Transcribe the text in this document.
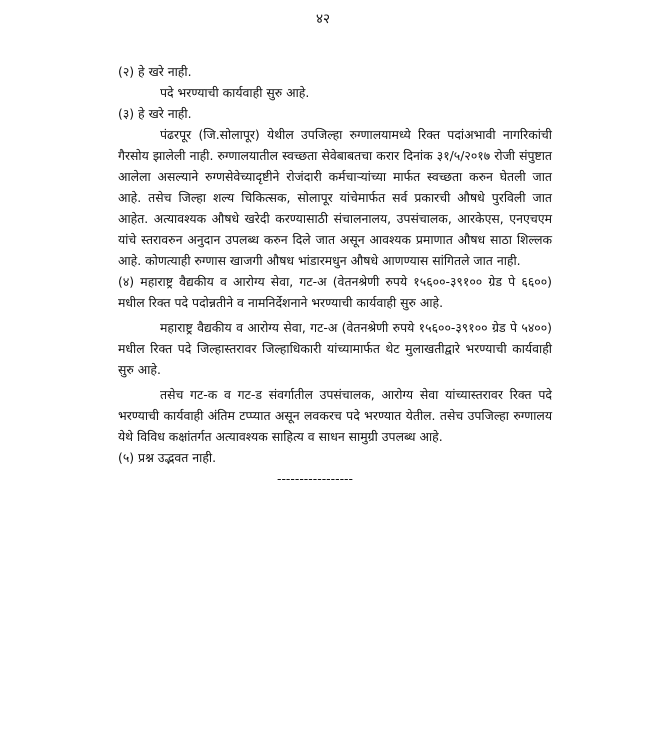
४२
(२) हे खरे नाही.
पदे भरण्याची कार्यवाही सुरु आहे.
(३) हे खरे नाही.

पंढरपूर (जि.सोलापूर) येथील उपजिल्हा रुग्णालयामध्ये रिक्त पदांअभावी नागरिकांची गैरसोय झालेली नाही. रुग्णालयातील स्वच्छता सेवेबाबतचा करार दिनांक ३१/५/२०१७ रोजी संपुष्टात आलेला असल्याने रुग्णसेवेच्यादृष्टीने रोजंदारी कर्मचाऱ्यांच्या मार्फत स्वच्छता करुन घेतली जात आहे. तसेच जिल्हा शल्य चिकित्सक, सोलापूर यांचेमार्फत सर्व प्रकारची औषधे पुरविली जात आहेत. अत्यावश्यक औषधे खरेदी करण्यासाठी संचालनालय, उपसंचालक, आरकेएस, एनएचएम यांचे स्तरावरुन अनुदान उपलब्ध करुन दिले जात असून आवश्यक प्रमाणात औषध साठा शिल्लक आहे. कोणत्याही रुग्णास खाजगी औषध भांडारमधुन औषधे आणण्यास सांगितले जात नाही.

(४) महाराष्ट्र वैद्यकीय व आरोग्य सेवा, गट-अ (वेतनश्रेणी रुपये १५६००-३९१०० ग्रेड पे ६६००) मधील रिक्त पदे पदोन्नतीने व नामनिर्देशनाने भरण्याची कार्यवाही सुरु आहे.

महाराष्ट्र वैद्यकीय व आरोग्य सेवा, गट-अ (वेतनश्रेणी रुपये १५६००-३९१०० ग्रेड पे ५४००) मधील रिक्त पदे जिल्हास्तरावर जिल्हाधिकारी यांच्यामार्फत थेट मुलाखतीद्वारे भरण्याची कार्यवाही सुरु आहे.

तसेच गट-क व गट-ड संवर्गातील उपसंचालक, आरोग्य सेवा यांच्यास्तरावर रिक्त पदे भरण्याची कार्यवाही अंतिम टप्प्यात असून लवकरच पदे भरण्यात येतील. तसेच उपजिल्हा रुग्णालय येथे विविध कक्षांतर्गत अत्यावश्यक साहित्य व साधन सामुग्री उपलब्ध आहे.

(५) प्रश्न उद्भवत नाही.
-----------------
